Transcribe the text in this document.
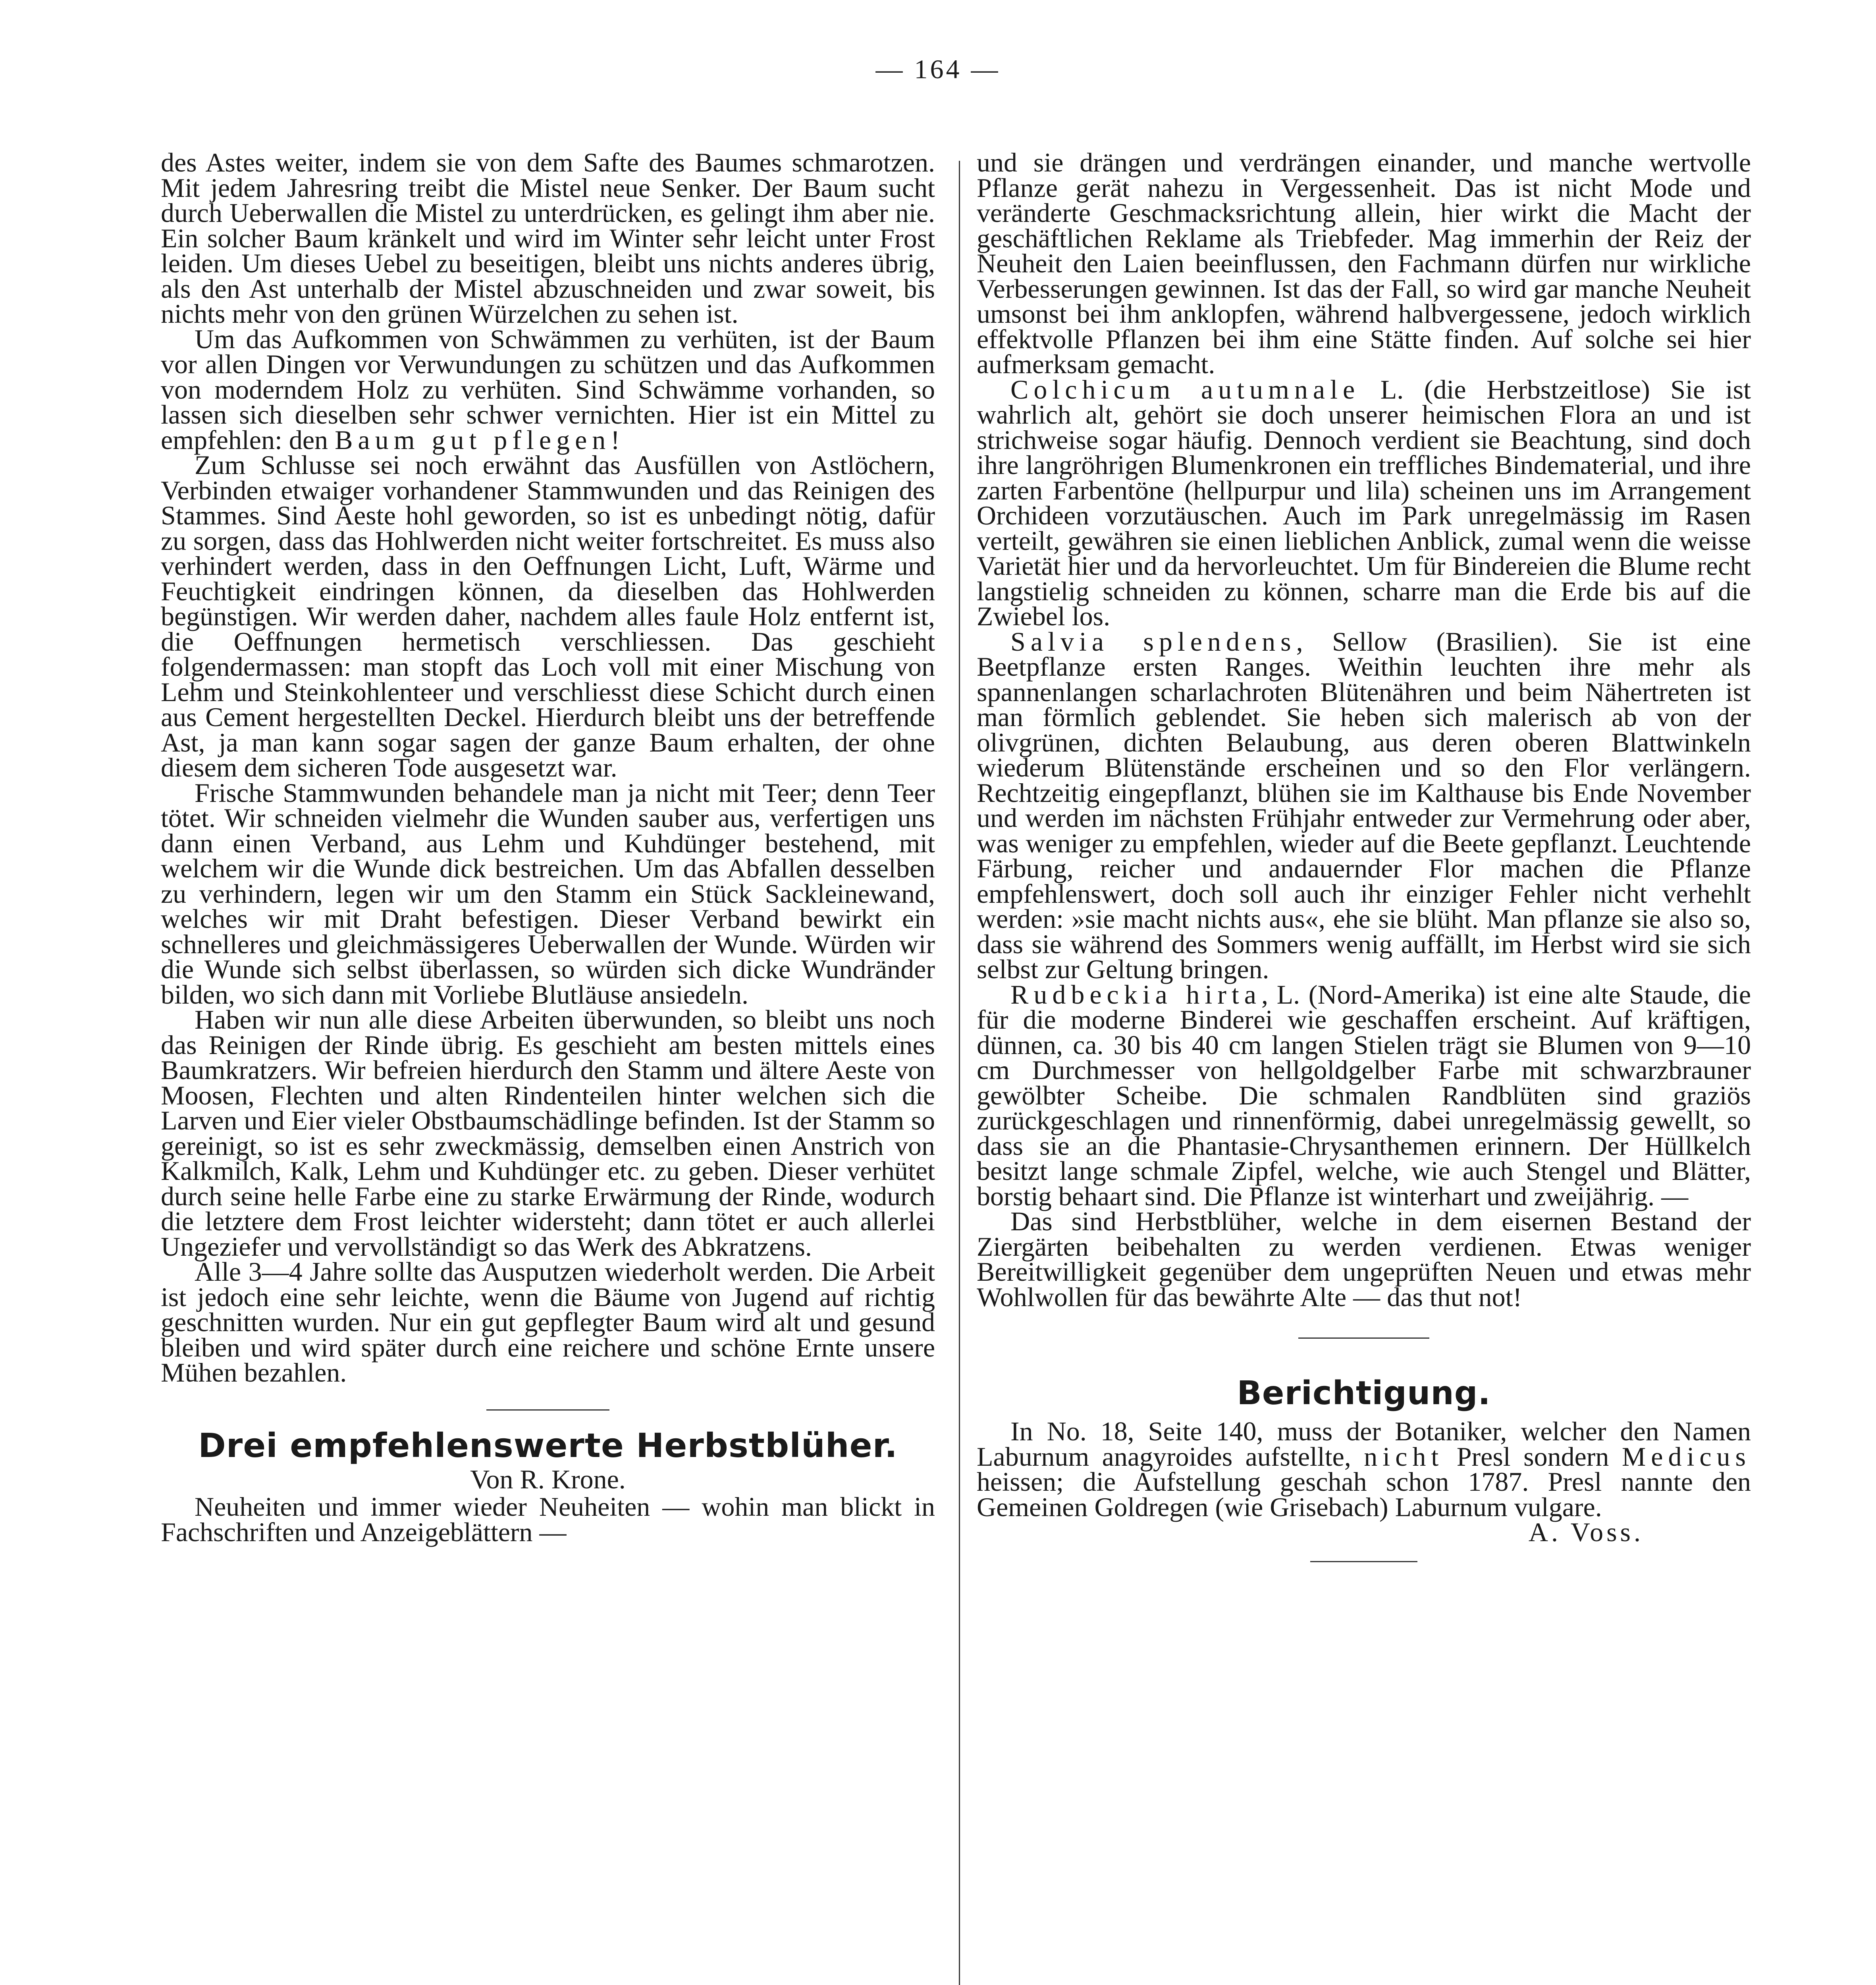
— 164 —

des Astes weiter, indem sie von dem Safte des Baumes schmarotzen. Mit jedem Jahresring treibt die Mistel neue Senker. Der Baum sucht durch Ueberwallen die Mistel zu unterdrücken, es gelingt ihm aber nie. Ein solcher Baum kränkelt und wird im Winter sehr leicht unter Frost leiden. Um dieses Uebel zu beseitigen, bleibt uns nichts anderes übrig, als den Ast unterhalb der Mistel abzuschneiden und zwar soweit, bis nichts mehr von den grünen Würzelchen zu sehen ist.

Um das Aufkommen von Schwämmen zu verhüten, ist der Baum vor allen Dingen vor Verwundungen zu schützen und das Aufkommen von moderndem Holz zu verhüten. Sind Schwämme vorhanden, so lassen sich dieselben sehr schwer vernichten. Hier ist ein Mittel zu empfehlen: den Baum gut pflegen!

Zum Schlusse sei noch erwähnt das Ausfüllen von Astlöchern, Verbinden etwaiger vorhandener Stammwunden und das Reinigen des Stammes. Sind Aeste hohl geworden, so ist es unbedingt nötig, dafür zu sorgen, dass das Hohlwerden nicht weiter fortschreitet. Es muss also verhindert werden, dass in den Oeffnungen Licht, Luft, Wärme und Feuchtigkeit eindringen können, da dieselben das Hohlwerden begünstigen. Wir werden daher, nachdem alles faule Holz entfernt ist, die Oeffnungen hermetisch verschliessen. Das geschieht folgendermassen: man stopft das Loch voll mit einer Mischung von Lehm und Steinkohlenteer und verschliesst diese Schicht durch einen aus Cement hergestellten Deckel. Hierdurch bleibt uns der betreffende Ast, ja man kann sogar sagen der ganze Baum erhalten, der ohne diesem dem sicheren Tode ausgesetzt war.

Frische Stammwunden behandele man ja nicht mit Teer; denn Teer tötet. Wir schneiden vielmehr die Wunden sauber aus, verfertigen uns dann einen Verband, aus Lehm und Kuhdünger bestehend, mit welchem wir die Wunde dick bestreichen. Um das Abfallen desselben zu verhindern, legen wir um den Stamm ein Stück Sackleinewand, welches wir mit Draht befestigen. Dieser Verband bewirkt ein schnelleres und gleichmässigeres Ueberwallen der Wunde. Würden wir die Wunde sich selbst überlassen, so würden sich dicke Wundränder bilden, wo sich dann mit Vorliebe Blutläuse ansiedeln.

Haben wir nun alle diese Arbeiten überwunden, so bleibt uns noch das Reinigen der Rinde übrig. Es geschieht am besten mittels eines Baumkratzers. Wir befreien hierdurch den Stamm und ältere Aeste von Moosen, Flechten und alten Rindenteilen hinter welchen sich die Larven und Eier vieler Obstbaumschädlinge befinden. Ist der Stamm so gereinigt, so ist es sehr zweckmässig, demselben einen Anstrich von Kalkmilch, Kalk, Lehm und Kuhdünger etc. zu geben. Dieser verhütet durch seine helle Farbe eine zu starke Erwärmung der Rinde, wodurch die letztere dem Frost leichter widersteht; dann tötet er auch allerlei Ungeziefer und vervollständigt so das Werk des Abkratzens.

Alle 3—4 Jahre sollte das Ausputzen wiederholt werden. Die Arbeit ist jedoch eine sehr leichte, wenn die Bäume von Jugend auf richtig geschnitten wurden. Nur ein gut gepflegter Baum wird alt und gesund bleiben und wird später durch eine reichere und schöne Ernte unsere Mühen bezahlen.

Drei empfehlenswerte Herbstblüher.
Von R. Krone.

Neuheiten und immer wieder Neuheiten — wohin man blickt in Fachschriften und Anzeigeblättern —

und sie drängen und verdrängen einander, und manche wertvolle Pflanze gerät nahezu in Vergessenheit. Das ist nicht Mode und veränderte Geschmacksrichtung allein, hier wirkt die Macht der geschäftlichen Reklame als Triebfeder. Mag immerhin der Reiz der Neuheit den Laien beeinflussen, den Fachmann dürfen nur wirkliche Verbesserungen gewinnen. Ist das der Fall, so wird gar manche Neuheit umsonst bei ihm anklopfen, während halbvergessene, jedoch wirklich effektvolle Pflanzen bei ihm eine Stätte finden. Auf solche sei hier aufmerksam gemacht.

Colchicum autumnale L. (die Herbstzeitlose) Sie ist wahrlich alt, gehört sie doch unserer heimischen Flora an und ist strichweise sogar häufig. Dennoch verdient sie Beachtung, sind doch ihre langröhrigen Blumenkronen ein treffliches Bindematerial, und ihre zarten Farbentöne (hellpurpur und lila) scheinen uns im Arrangement Orchideen vorzutäuschen. Auch im Park unregelmässig im Rasen verteilt, gewähren sie einen lieblichen Anblick, zumal wenn die weisse Varietät hier und da hervorleuchtet. Um für Bindereien die Blume recht langstielig schneiden zu können, scharre man die Erde bis auf die Zwiebel los.

Salvia splendens, Sellow (Brasilien). Sie ist eine Beetpflanze ersten Ranges. Weithin leuchten ihre mehr als spannenlangen scharlachroten Blütenähren und beim Nähertreten ist man förmlich geblendet. Sie heben sich malerisch ab von der olivgrünen, dichten Belaubung, aus deren oberen Blattwinkeln wiederum Blütenstände erscheinen und so den Flor verlängern. Rechtzeitig eingepflanzt, blühen sie im Kalthause bis Ende November und werden im nächsten Frühjahr entweder zur Vermehrung oder aber, was weniger zu empfehlen, wieder auf die Beete gepflanzt. Leuchtende Färbung, reicher und andauernder Flor machen die Pflanze empfehlenswert, doch soll auch ihr einziger Fehler nicht verhehlt werden: »sie macht nichts aus«, ehe sie blüht. Man pflanze sie also so, dass sie während des Sommers wenig auffällt, im Herbst wird sie sich selbst zur Geltung bringen.

Rudbeckia hirta, L. (Nord-Amerika) ist eine alte Staude, die für die moderne Binderei wie geschaffen erscheint. Auf kräftigen, dünnen, ca. 30 bis 40 cm langen Stielen trägt sie Blumen von 9—10 cm Durchmesser von hellgoldgelber Farbe mit schwarzbrauner gewölbter Scheibe. Die schmalen Randblüten sind graziös zurückgeschlagen und rinnenförmig, dabei unregelmässig gewellt, so dass sie an die Phantasie-Chrysanthemen erinnern. Der Hüllkelch besitzt lange schmale Zipfel, welche, wie auch Stengel und Blätter, borstig behaart sind. Die Pflanze ist winterhart und zweijährig. —

Das sind Herbstblüher, welche in dem eisernen Bestand der Ziergärten beibehalten zu werden verdienen. Etwas weniger Bereitwilligkeit gegenüber dem ungeprüften Neuen und etwas mehr Wohlwollen für das bewährte Alte — das thut not!

Berichtigung.

In No. 18, Seite 140, muss der Botaniker, welcher den Namen Laburnum anagyroides aufstellte, nicht Presl sondern Medicus heissen; die Aufstellung geschah schon 1787. Presl nannte den Gemeinen Goldregen (wie Grisebach) Laburnum vulgare.

A. Voss.
